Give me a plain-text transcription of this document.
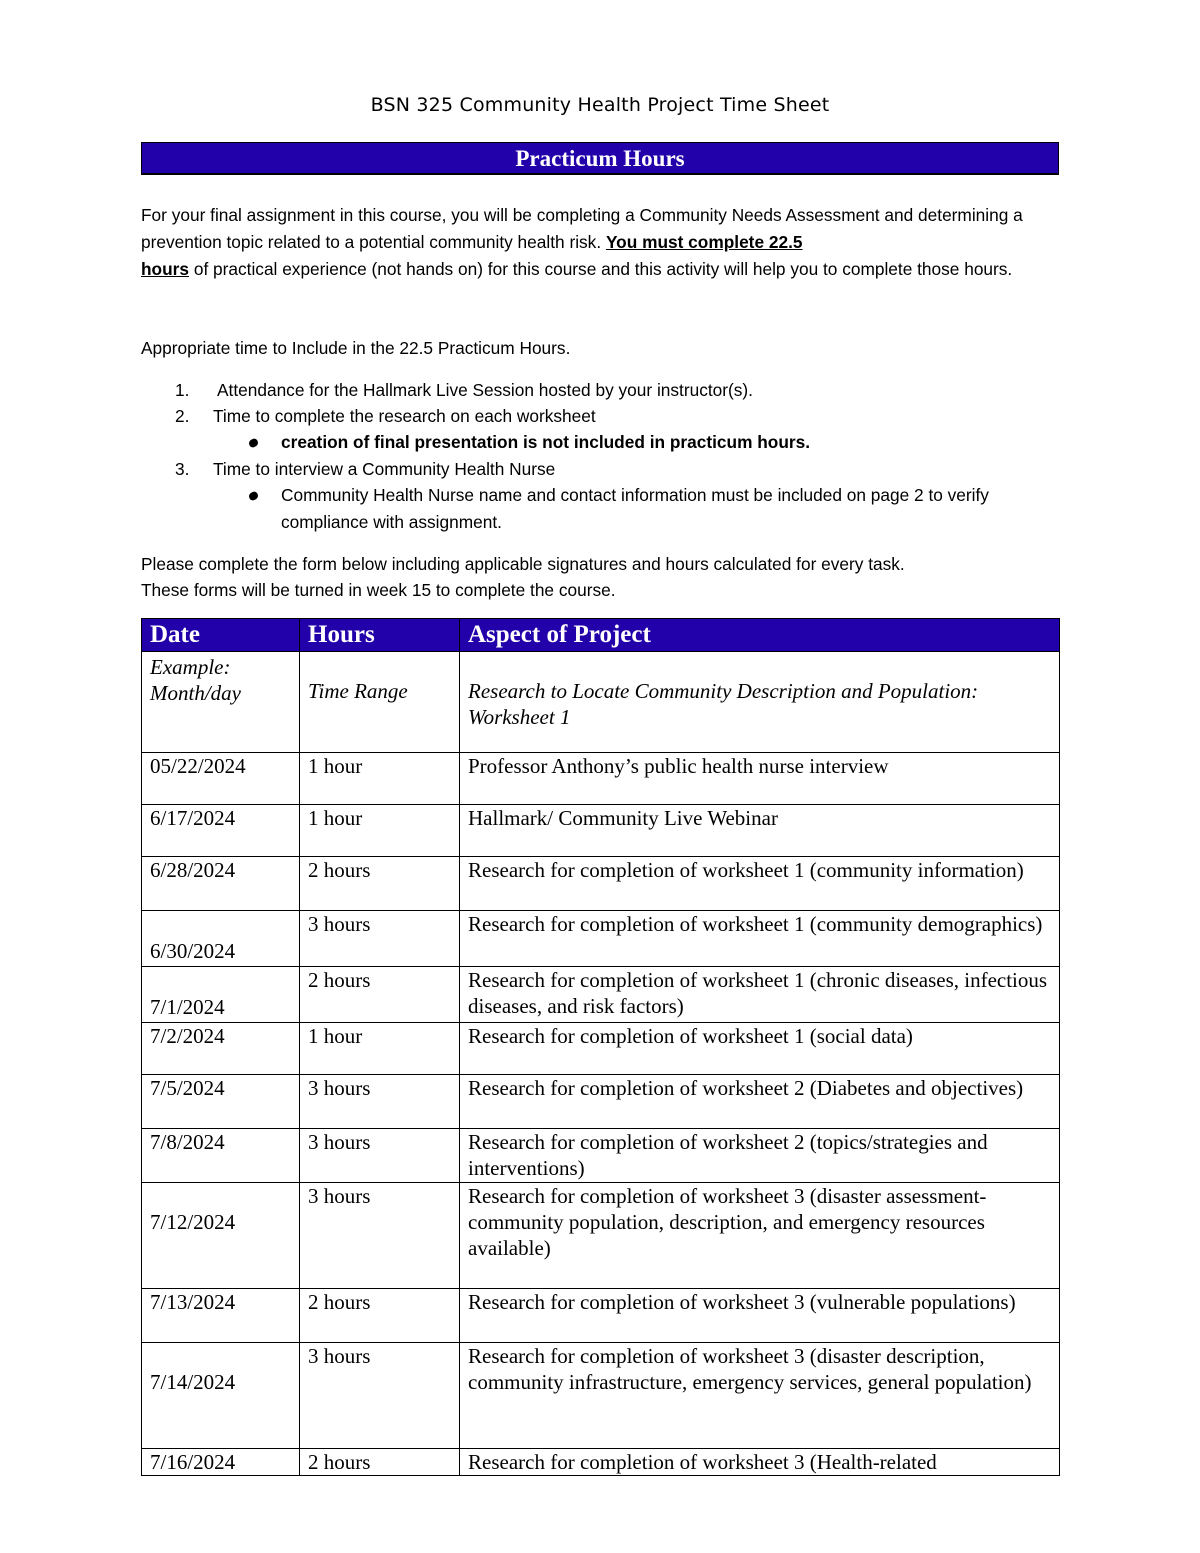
BSN 325 Community Health Project Time Sheet
Practicum Hours
For your final assignment in this course, you will be completing a Community Needs Assessment and determining a prevention topic related to a potential community health risk. You must complete 22.5
hours of practical experience (not hands on) for this course and this activity will help you to complete those hours.
Appropriate time to Include in the 22.5 Practicum Hours.
1. Attendance for the Hallmark Live Session hosted by your instructor(s).
2. Time to complete the research on each worksheet
creation of final presentation is not included in practicum hours.
3. Time to interview a Community Health Nurse
Community Health Nurse name and contact information must be included on page 2 to verify compliance with assignment.
Please complete the form below including applicable signatures and hours calculated for every task.
These forms will be turned in week 15 to complete the course.
Date	Hours	Aspect of Project
Example:
Month/day	Time Range	Research to Locate Community Description and Population: Worksheet 1
05/22/2024	1 hour	Professor Anthony’s public health nurse interview
6/17/2024	1 hour	Hallmark/ Community Live Webinar
6/28/2024	2 hours	Research for completion of worksheet 1 (community information)
6/30/2024	3 hours	Research for completion of worksheet 1 (community demographics)
7/1/2024	2 hours	Research for completion of worksheet 1 (chronic diseases, infectious diseases, and risk factors)
7/2/2024	1 hour	Research for completion of worksheet 1 (social data)
7/5/2024	3 hours	Research for completion of worksheet 2 (Diabetes and objectives)
7/8/2024	3 hours	Research for completion of worksheet 2 (topics/strategies and interventions)
7/12/2024	3 hours	Research for completion of worksheet 3 (disaster assessment-community population, description, and emergency resources available)
7/13/2024	2 hours	Research for completion of worksheet 3 (vulnerable populations)
7/14/2024	3 hours	Research for completion of worksheet 3 (disaster description, community infrastructure, emergency services, general population)
7/16/2024	2 hours	Research for completion of worksheet 3 (Health-related
